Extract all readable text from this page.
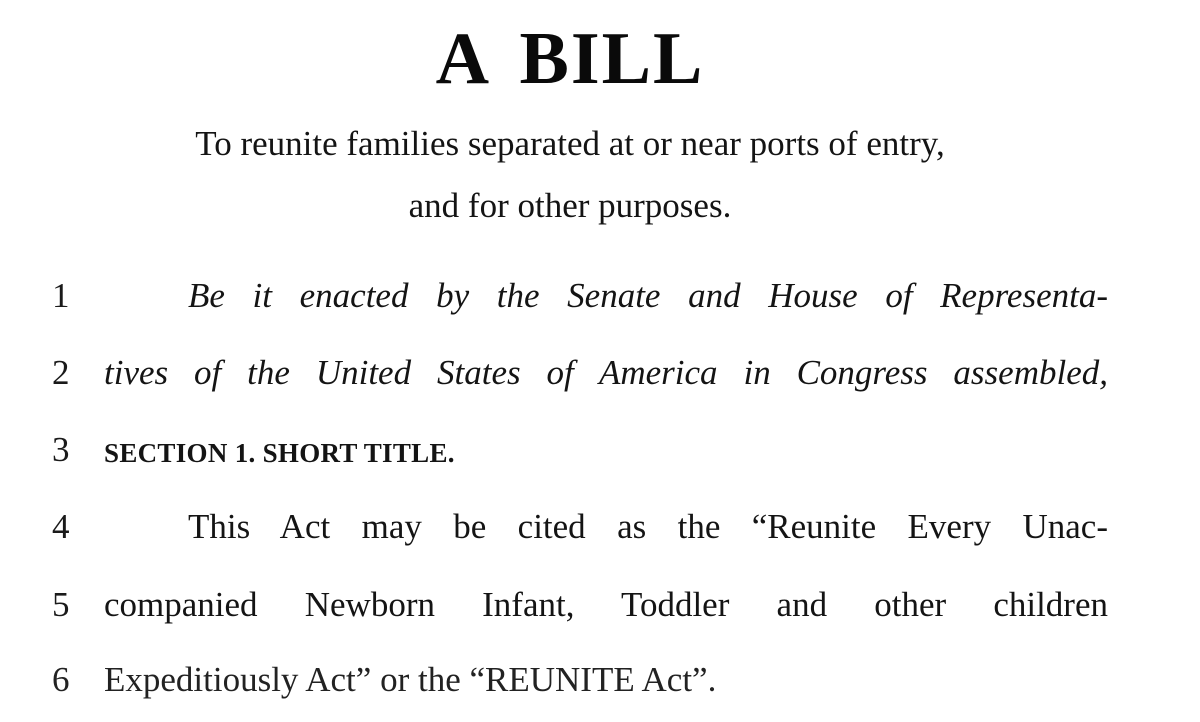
A BILL
To reunite families separated at or near ports of entry,
and for other purposes.
1	Be it enacted by the Senate and House of Representa-
2 tives of the United States of America in Congress assembled,
3 SECTION 1. SHORT TITLE.
4	This Act may be cited as the “Reunite Every Unac-
5 companied Newborn Infant, Toddler and other children
6 Expeditiously Act” or the “REUNITE Act”.
